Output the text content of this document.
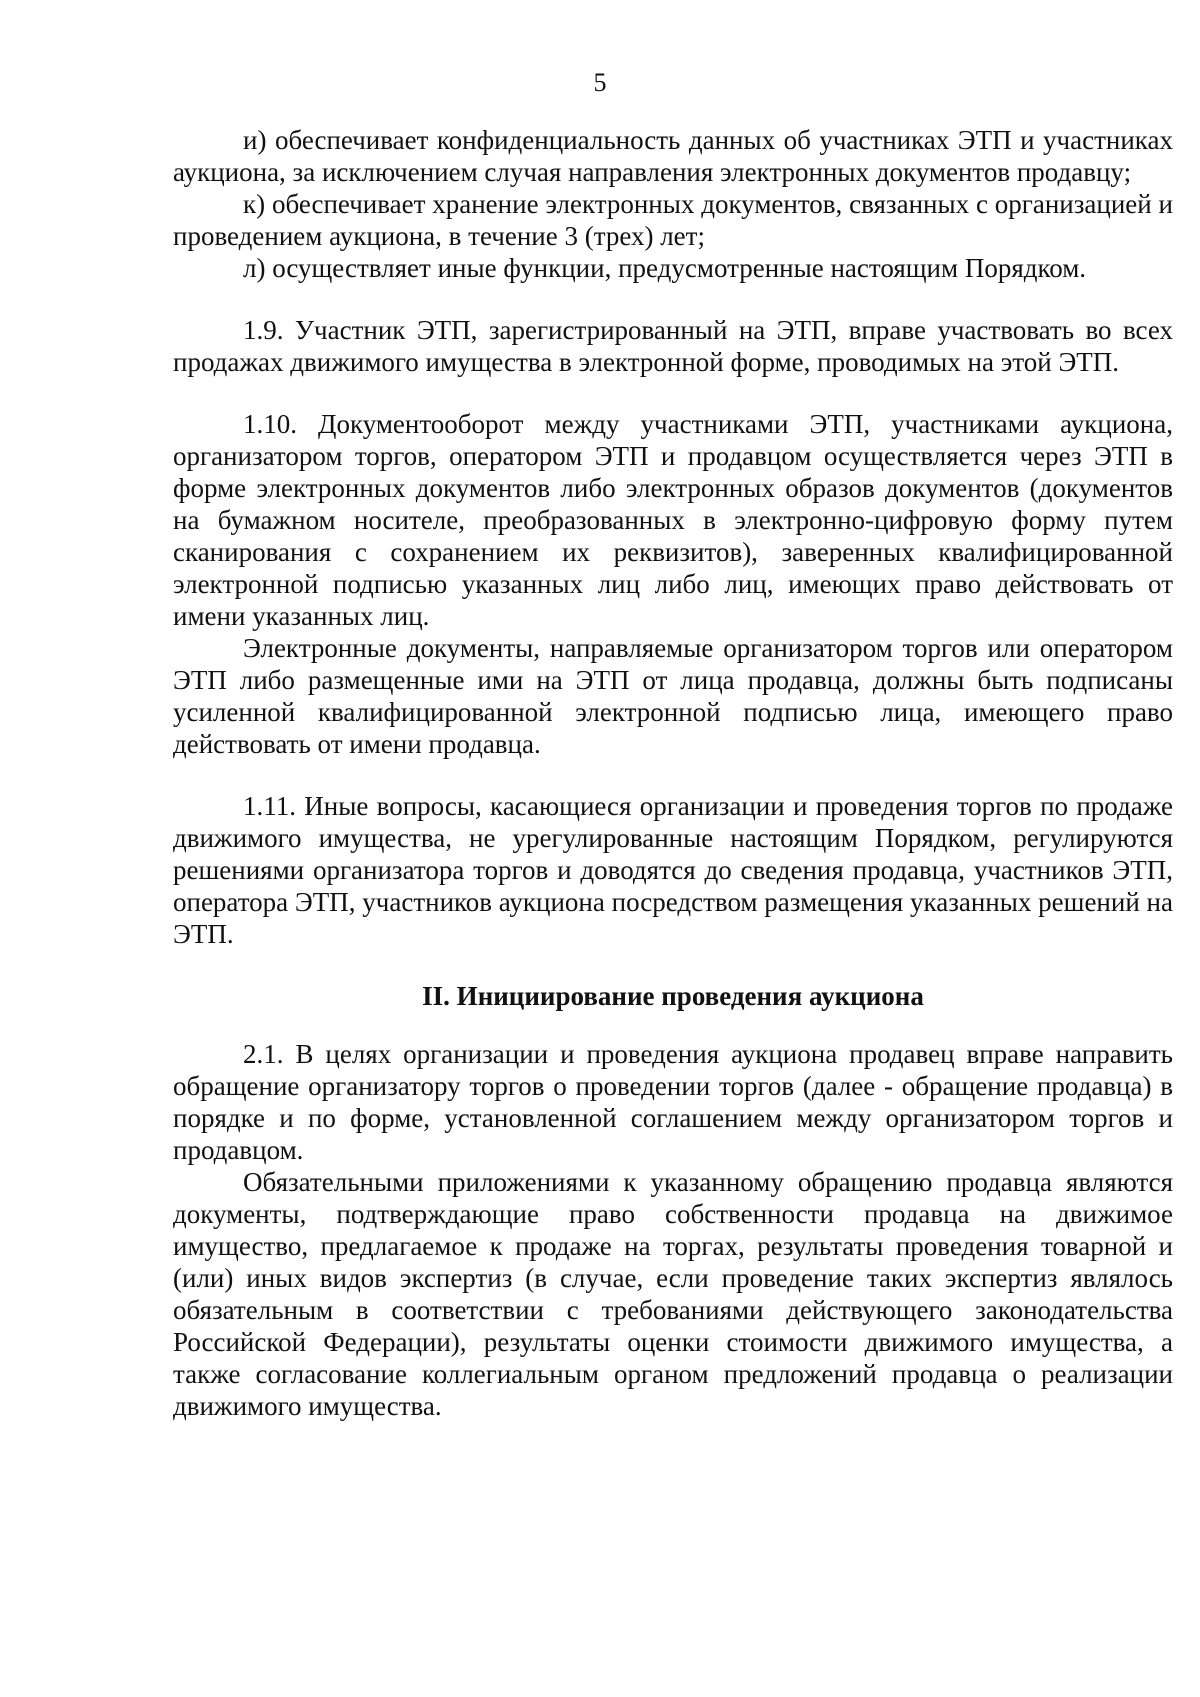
5

и) обеспечивает конфиденциальность данных об участниках ЭТП и участниках аукциона, за исключением случая направления электронных документов продавцу;

к) обеспечивает хранение электронных документов, связанных с организацией и проведением аукциона, в течение 3 (трех) лет;

л) осуществляет иные функции, предусмотренные настоящим Порядком.

1.9. Участник ЭТП, зарегистрированный на ЭТП, вправе участвовать во всех продажах движимого имущества в электронной форме, проводимых на этой ЭТП.

1.10. Документооборот между участниками ЭТП, участниками аукциона, организатором торгов, оператором ЭТП и продавцом осуществляется через ЭТП в форме электронных документов либо электронных образов документов (документов на бумажном носителе, преобразованных в электронно-цифровую форму путем сканирования с сохранением их реквизитов), заверенных квалифицированной электронной подписью указанных лиц либо лиц, имеющих право действовать от имени указанных лиц.

Электронные документы, направляемые организатором торгов или оператором ЭТП либо размещенные ими на ЭТП от лица продавца, должны быть подписаны усиленной квалифицированной электронной подписью лица, имеющего право действовать от имени продавца.

1.11. Иные вопросы, касающиеся организации и проведения торгов по продаже движимого имущества, не урегулированные настоящим Порядком, регулируются решениями организатора торгов и доводятся до сведения продавца, участников ЭТП, оператора ЭТП, участников аукциона посредством размещения указанных решений на ЭТП.

II. Инициирование проведения аукциона

2.1. В целях организации и проведения аукциона продавец вправе направить обращение организатору торгов о проведении торгов (далее - обращение продавца) в порядке и по форме, установленной соглашением между организатором торгов и продавцом.

Обязательными приложениями к указанному обращению продавца являются документы, подтверждающие право собственности продавца на движимое имущество, предлагаемое к продаже на торгах, результаты проведения товарной и (или) иных видов экспертиз (в случае, если проведение таких экспертиз являлось обязательным в соответствии с требованиями действующего законодательства Российской Федерации), результаты оценки стоимости движимого имущества, а также согласование коллегиальным органом предложений продавца о реализации движимого имущества.
